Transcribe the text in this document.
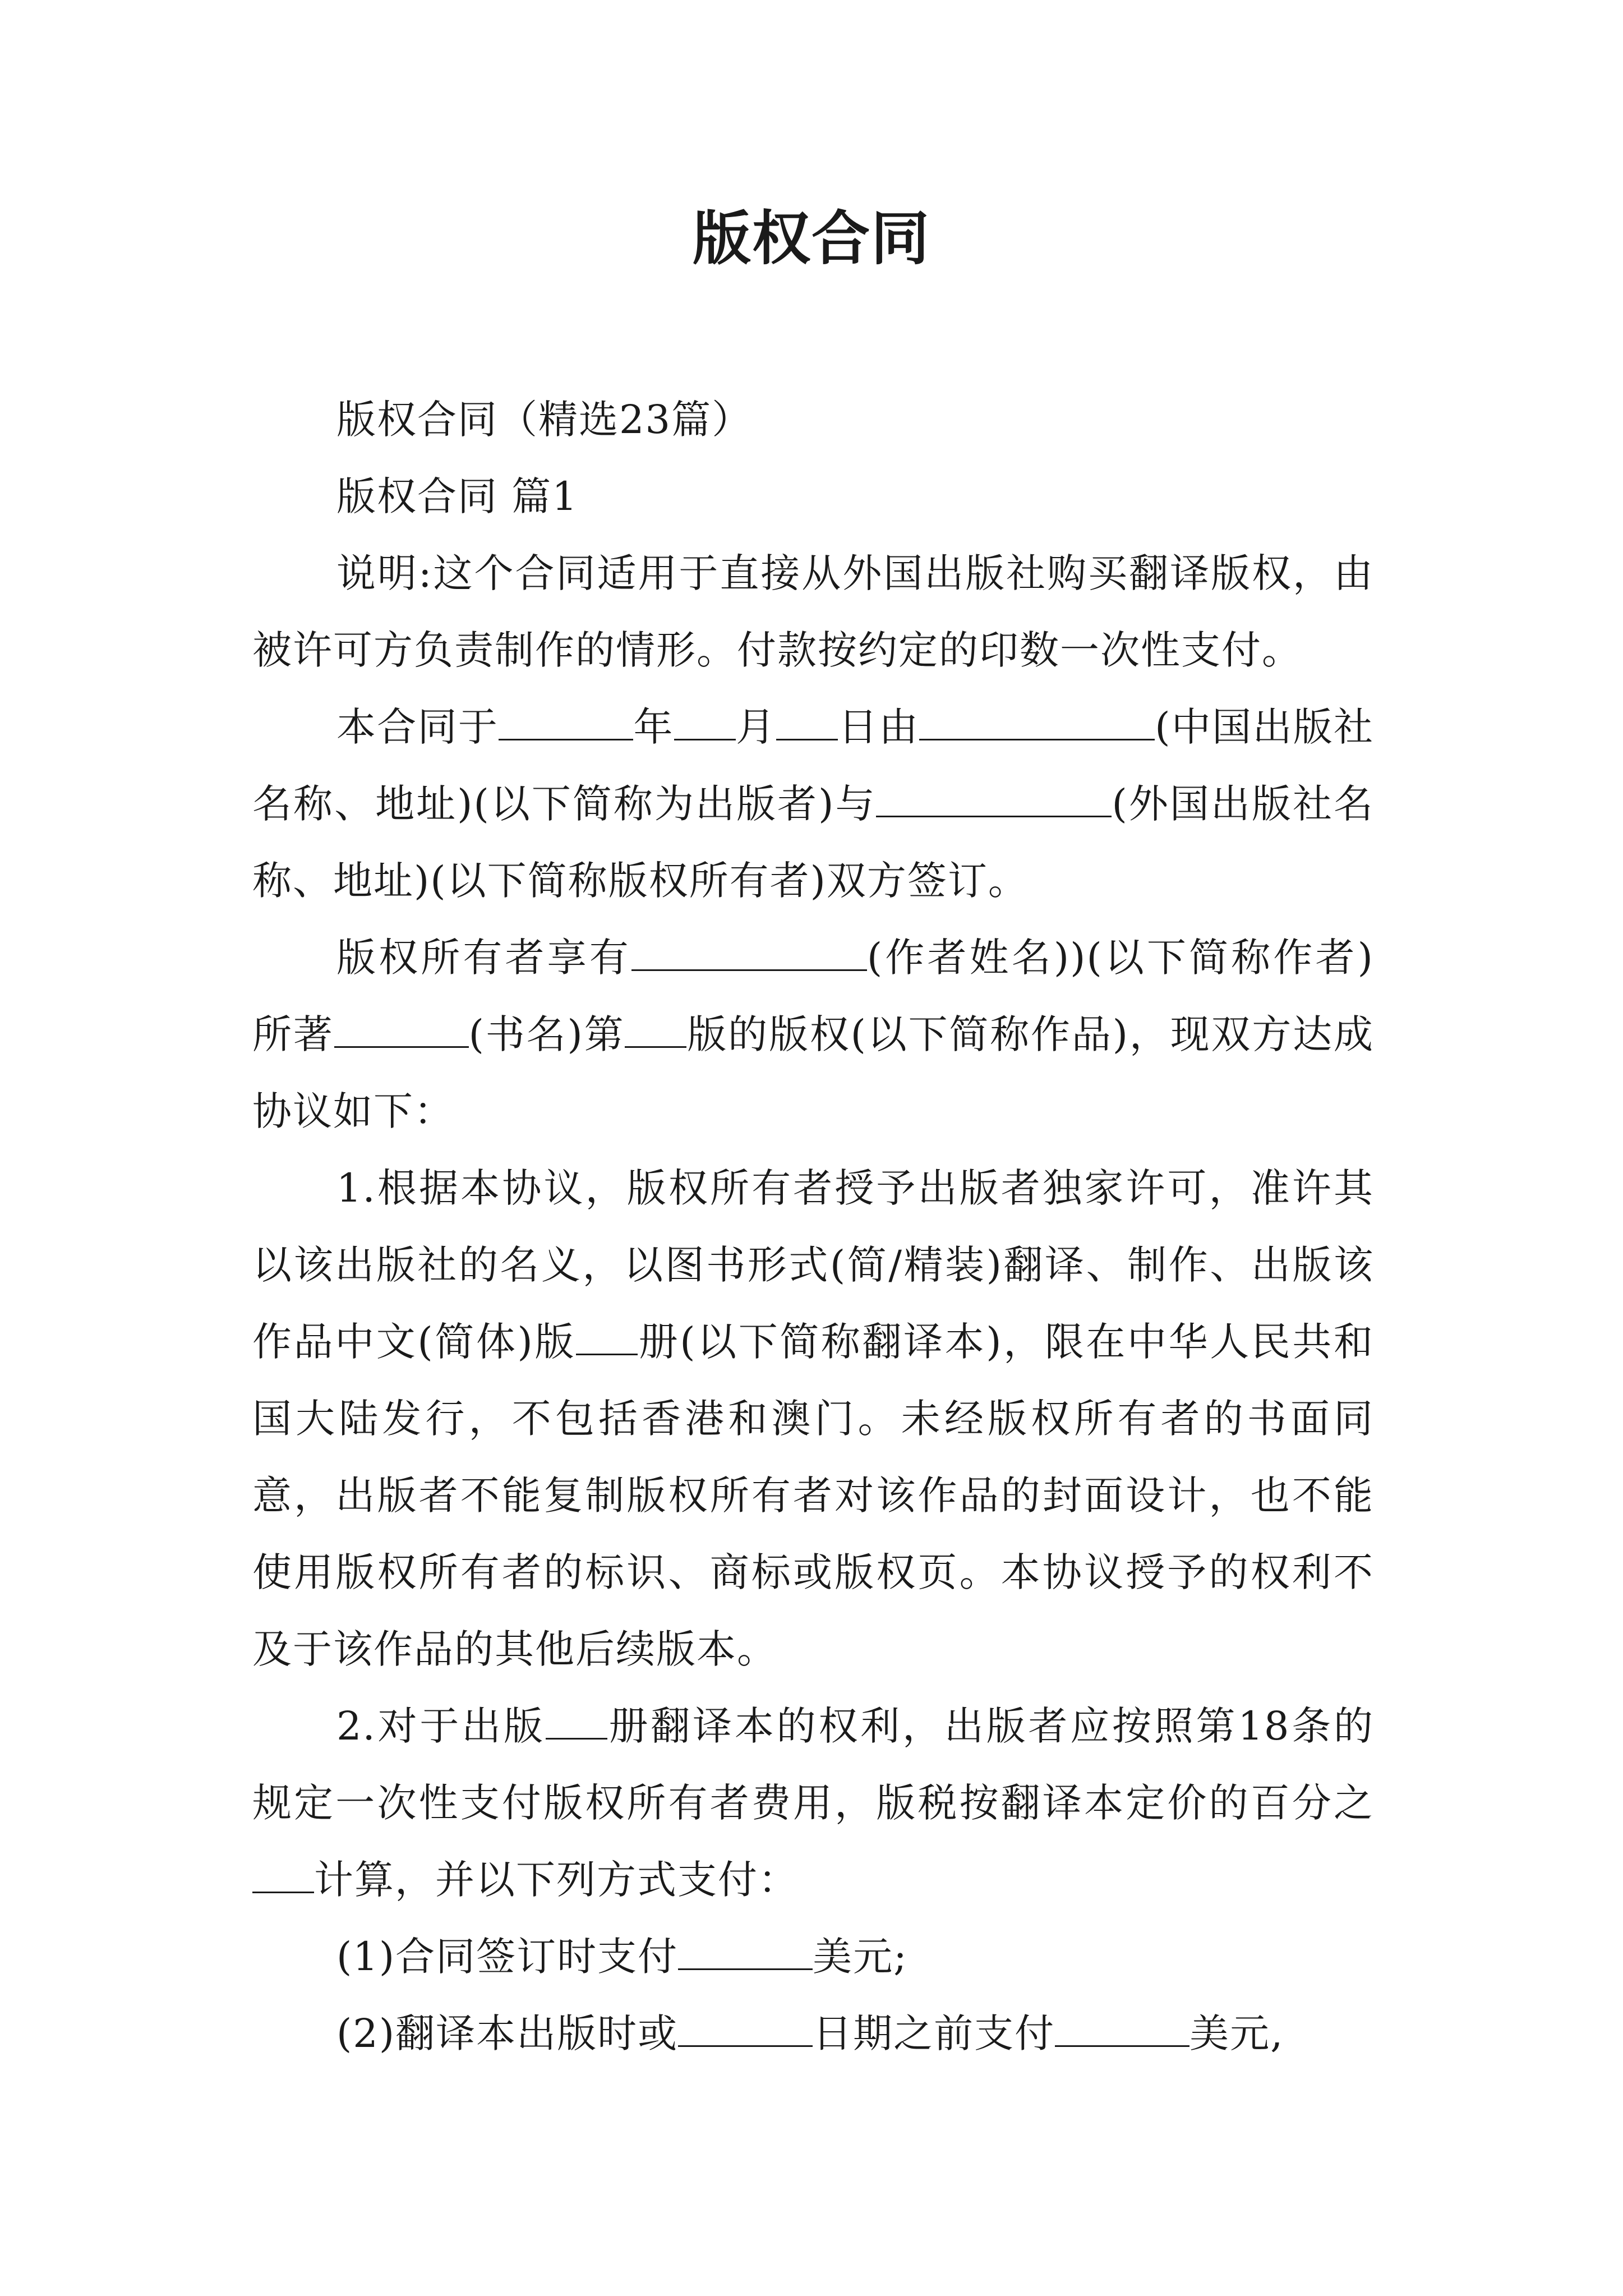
版权合同

版权合同（精选23篇）

版权合同 篇1

说明:这个合同适用于直接从外国出版社购买翻译版权，由被许可方负责制作的情形。付款按约定的印数一次性支付。

本合同于	年 月 日由	(中国出版社名称、地址)(以下简称为出版者)与	(外国出版社名称、地址)(以下简称版权所有者)双方签订。

版权所有者享有	(作者姓名))(以下简称作者)所著	(书名)第 版的版权(以下简称作品)，现双方达成协议如下：

1.根据本协议，版权所有者授予出版者独家许可，准许其以该出版社的名义，以图书形式(简/精装)翻译、制作、出版该作品中文(简体)版 册(以下简称翻译本)，限在中华人民共和国大陆发行，不包括香港和澳门。未经版权所有者的书面同意，出版者不能复制版权所有者对该作品的封面设计，也不能使用版权所有者的标识、商标或版权页。本协议授予的权利不及于该作品的其他后续版本。

2.对于出版 册翻译本的权利，出版者应按照第18条的规定一次性支付版权所有者费用，版税按翻译本定价的百分之计算，并以下列方式支付：

(1)合同签订时支付	美元;

(2)翻译本出版时或	日期之前支付	美元,
